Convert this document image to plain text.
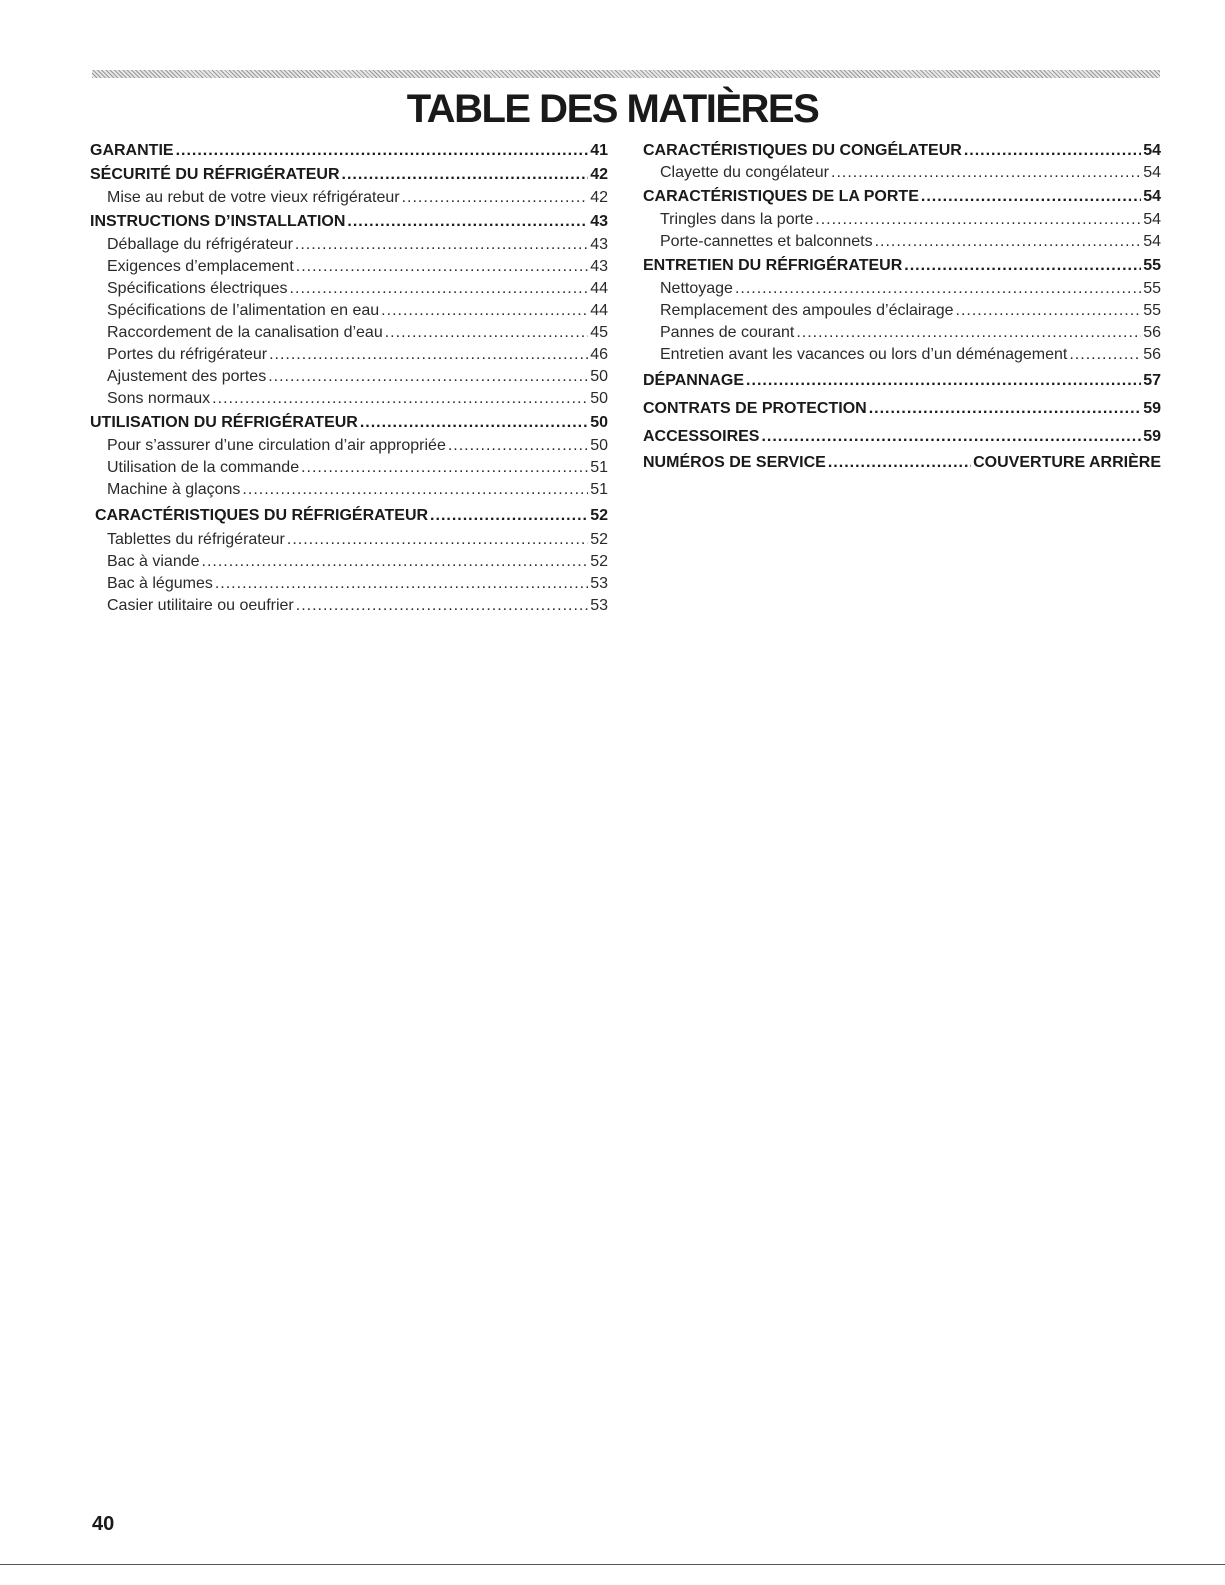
TABLE DES MATIÈRES
GARANTIE .....	41
SÉCURITÉ DU RÉFRIGÉRATEUR .....	42
Mise au rebut de votre vieux réfrigérateur .....	42
INSTRUCTIONS D’INSTALLATION .....	43
Déballage du réfrigérateur .....	43
Exigences d’emplacement .....	43
Spécifications électriques .....	44
Spécifications de l’alimentation en eau .....	44
Raccordement de la canalisation d’eau .....	45
Portes du réfrigérateur .....	46
Ajustement des portes .....	50
Sons normaux .....	50
UTILISATION DU RÉFRIGÉRATEUR .....	50
Pour s’assurer d’une circulation d’air appropriée .....	50
Utilisation de la commande .....	51
Machine à glaçons .....	51
CARACTÉRISTIQUES DU RÉFRIGÉRATEUR .....	52
Tablettes du réfrigérateur .....	52
Bac à viande .....	52
Bac à légumes .....	53
Casier utilitaire ou oeufrier .....	53
CARACTÉRISTIQUES DU CONGÉLATEUR .....	54
Clayette du congélateur .....	54
CARACTÉRISTIQUES DE LA PORTE .....	54
Tringles dans la porte .....	54
Porte-cannettes et balconnets .....	54
ENTRETIEN DU RÉFRIGÉRATEUR .....	55
Nettoyage .....	55
Remplacement des ampoules d’éclairage .....	55
Pannes de courant .....	56
Entretien avant les vacances ou lors d’un déménagement .....	56
DÉPANNAGE .....	57
CONTRATS DE PROTECTION .....	59
ACCESSOIRES .....	59
NUMÉROS DE SERVICE .....	COUVERTURE ARRIÈRE

40
